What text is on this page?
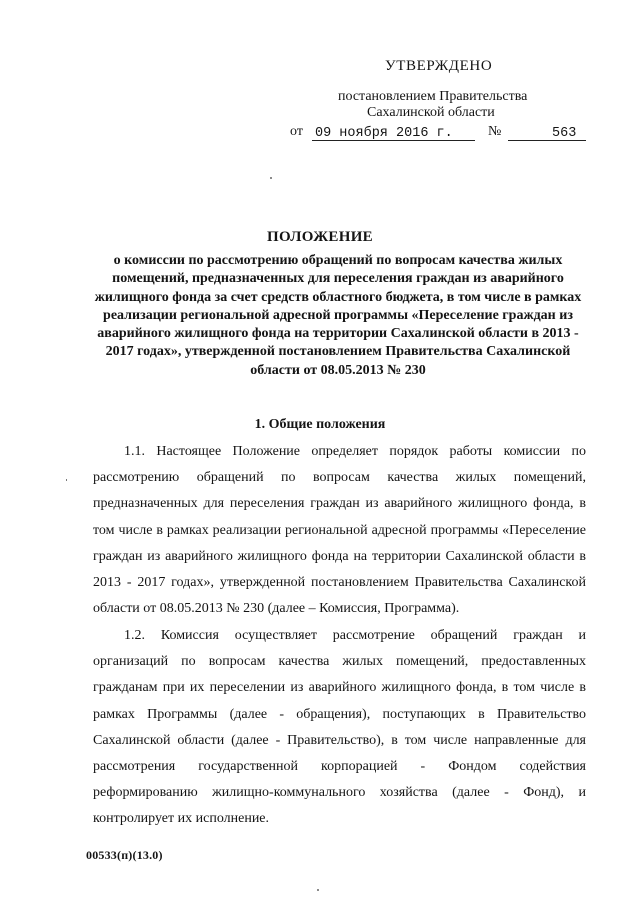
УТВЕРЖДЕНО
постановлением Правительства
Сахалинской области
от 09 ноября 2016 г.	№	563
ПОЛОЖЕНИЕ
о комиссии по рассмотрению обращений по вопросам качества жилых помещений, предназначенных для переселения граждан из аварийного жилищного фонда за счет средств областного бюджета, в том числе в рамках реализации региональной адресной программы «Переселение граждан из аварийного жилищного фонда на территории Сахалинской области в 2013 - 2017 годах», утвержденной постановлением Правительства Сахалинской области от 08.05.2013 № 230
1. Общие положения

1.1. Настоящее Положение определяет порядок работы комиссии по рассмотрению обращений по вопросам качества жилых помещений, предназначенных для переселения граждан из аварийного жилищного фонда, в том числе в рамках реализации региональной адресной программы «Переселение граждан из аварийного жилищного фонда на территории Сахалинской области в 2013 - 2017 годах», утвержденной постановлением Правительства Сахалинской области от 08.05.2013 № 230 (далее – Комиссия, Программа).

1.2. Комиссия осуществляет рассмотрение обращений граждан и организаций по вопросам качества жилых помещений, предоставленных гражданам при их переселении из аварийного жилищного фонда, в том числе в рамках Программы (далее - обращения), поступающих в Правительство Сахалинской области (далее - Правительство), в том числе направленные для рассмотрения государственной корпорацией - Фондом содействия реформированию жилищно-коммунального хозяйства (далее - Фонд), и контролирует их исполнение.

00533(п)(13.0)
